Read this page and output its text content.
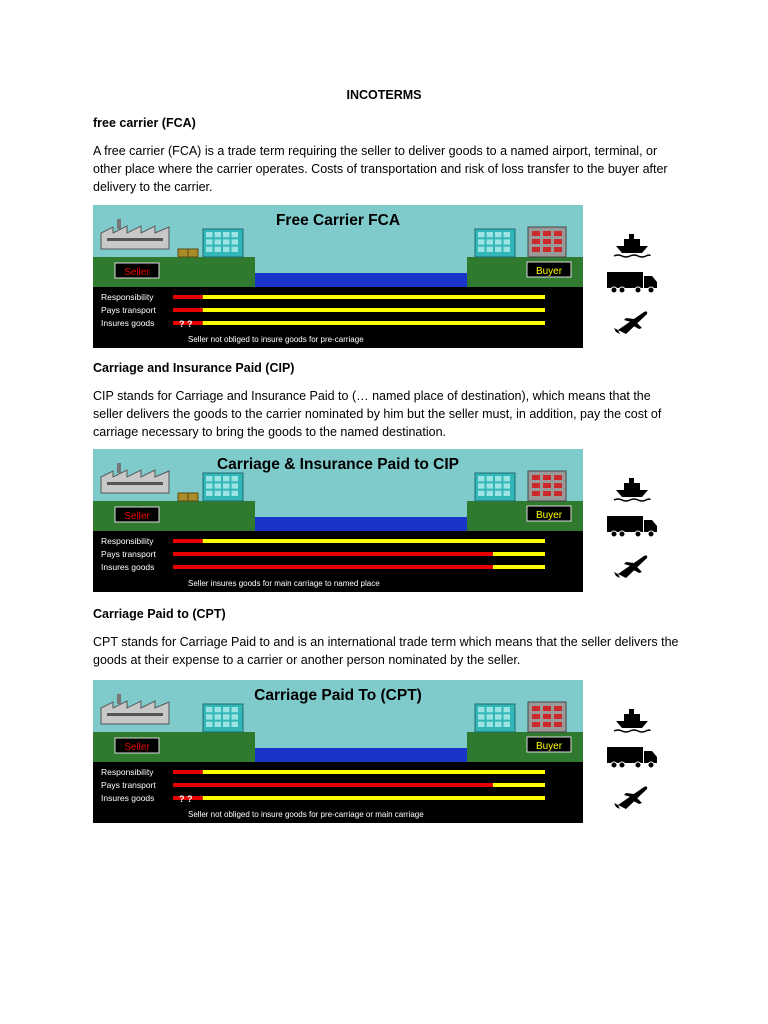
INCOTERMS
free carrier (FCA)
A free carrier (FCA) is a trade term requiring the seller to deliver goods to a named airport, terminal, or other place where the carrier operates. Costs of transportation and risk of loss transfer to the buyer after delivery to the carrier.
Free Carrier FCA
Seller	Buyer
Responsibility
Pays transport
Insures goods	? ?
Seller not obliged to insure goods for pre-carriage
Carriage and Insurance Paid (CIP)
CIP stands for Carriage and Insurance Paid to (… named place of destination), which means that the seller delivers the goods to the carrier nominated by him but the seller must, in addition, pay the cost of carriage necessary to bring the goods to the named destination.
Carriage & Insurance Paid to CIP
Seller	Buyer
Responsibility
Pays transport
Insures goods
Seller insures goods for main carriage to named place
Carriage Paid to (CPT)
CPT stands for Carriage Paid to and is an international trade term which means that the seller delivers the goods at their expense to a carrier or another person nominated by the seller.
Carriage Paid To (CPT)
Seller	Buyer
Responsibility
Pays transport
Insures goods	? ?
Seller not obliged to insure goods for pre-carriage or main carriage
